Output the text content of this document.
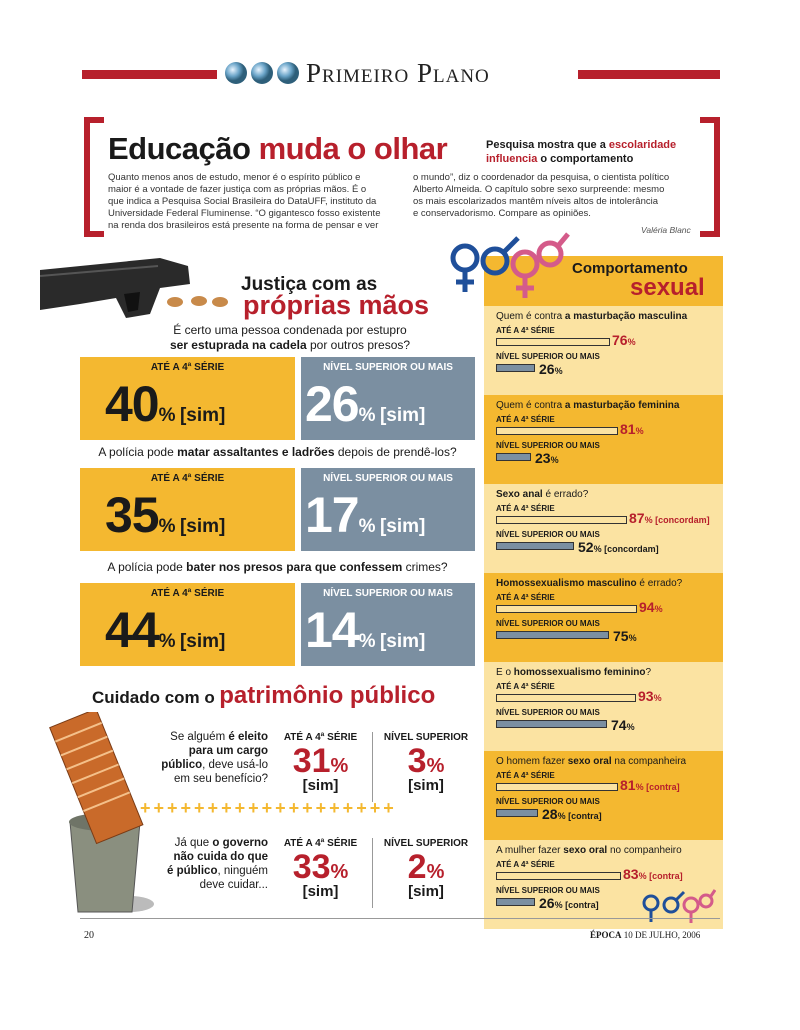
Primeiro Plano
Educação muda o olhar	Pesquisa mostra que a escolaridade
influencia o comportamento
Quanto menos anos de estudo, menor é o espírito público e
maior é a vontade de fazer justiça com as próprias mãos. É o
que indica a Pesquisa Social Brasileira do DataUFF, instituto da
Universidade Federal Fluminense. “O gigantesco fosso existente
na renda dos brasileiros está presente na forma de pensar e ver
o mundo”, diz o coordenador da pesquisa, o cientista político
Alberto Almeida. O capítulo sobre sexo surpreende: mesmo
os mais escolarizados mantêm níveis altos de intolerância
e conservadorismo. Compare as opiniões.
Valéria Blanc
Justiça com as
próprias mãos
É certo uma pessoa condenada por estupro
ser estuprada na cadela por outros presos?
ATÉ A 4ª SÉRIE
40% [sim]
NÍVEL SUPERIOR OU MAIS
26% [sim]
A polícia pode matar assaltantes e ladrões depois de prendê-los?
ATÉ A 4ª SÉRIE
35% [sim]
NÍVEL SUPERIOR OU MAIS
17% [sim]
A polícia pode bater nos presos para que confessem crimes?
ATÉ A 4ª SÉRIE
44% [sim]
NÍVEL SUPERIOR OU MAIS
14% [sim]
Cuidado com o patrimônio público
Se alguém é eleito
para um cargo
público, deve usá-lo
em seu benefício?
ATÉ A 4ª SÉRIE	NÍVEL SUPERIOR
31%
[sim]
3%
[sim]
+++++++++++++++++++
Já que o governo
não cuida do que
é público, ninguém
deve cuidar...
ATÉ A 4ª SÉRIE	NÍVEL SUPERIOR
33%
[sim]
2%
[sim]
Comportamento
sexual
Quem é contra a masturbação masculina
ATÉ A 4ª SÉRIE
76%
NÍVEL SUPERIOR OU MAIS
26%
Quem é contra a masturbação feminina
ATÉ A 4ª SÉRIE
81%
NÍVEL SUPERIOR OU MAIS
23%
Sexo anal é errado?
ATÉ A 4ª SÉRIE
87% [concordam]
NÍVEL SUPERIOR OU MAIS
52% [concordam]
Homossexualismo masculino é errado?
ATÉ A 4ª SÉRIE
94%
NÍVEL SUPERIOR OU MAIS
75%
E o homossexualismo feminino?
ATÉ A 4ª SÉRIE
93%
NÍVEL SUPERIOR OU MAIS
74%
O homem fazer sexo oral na companheira
ATÉ A 4ª SÉRIE
81% [contra]
NÍVEL SUPERIOR OU MAIS
28% [contra]
A mulher fazer sexo oral no companheiro
ATÉ A 4ª SÉRIE
83% [contra]
NÍVEL SUPERIOR OU MAIS
26% [contra]
20	ÉPOCA 10 DE JULHO, 2006
